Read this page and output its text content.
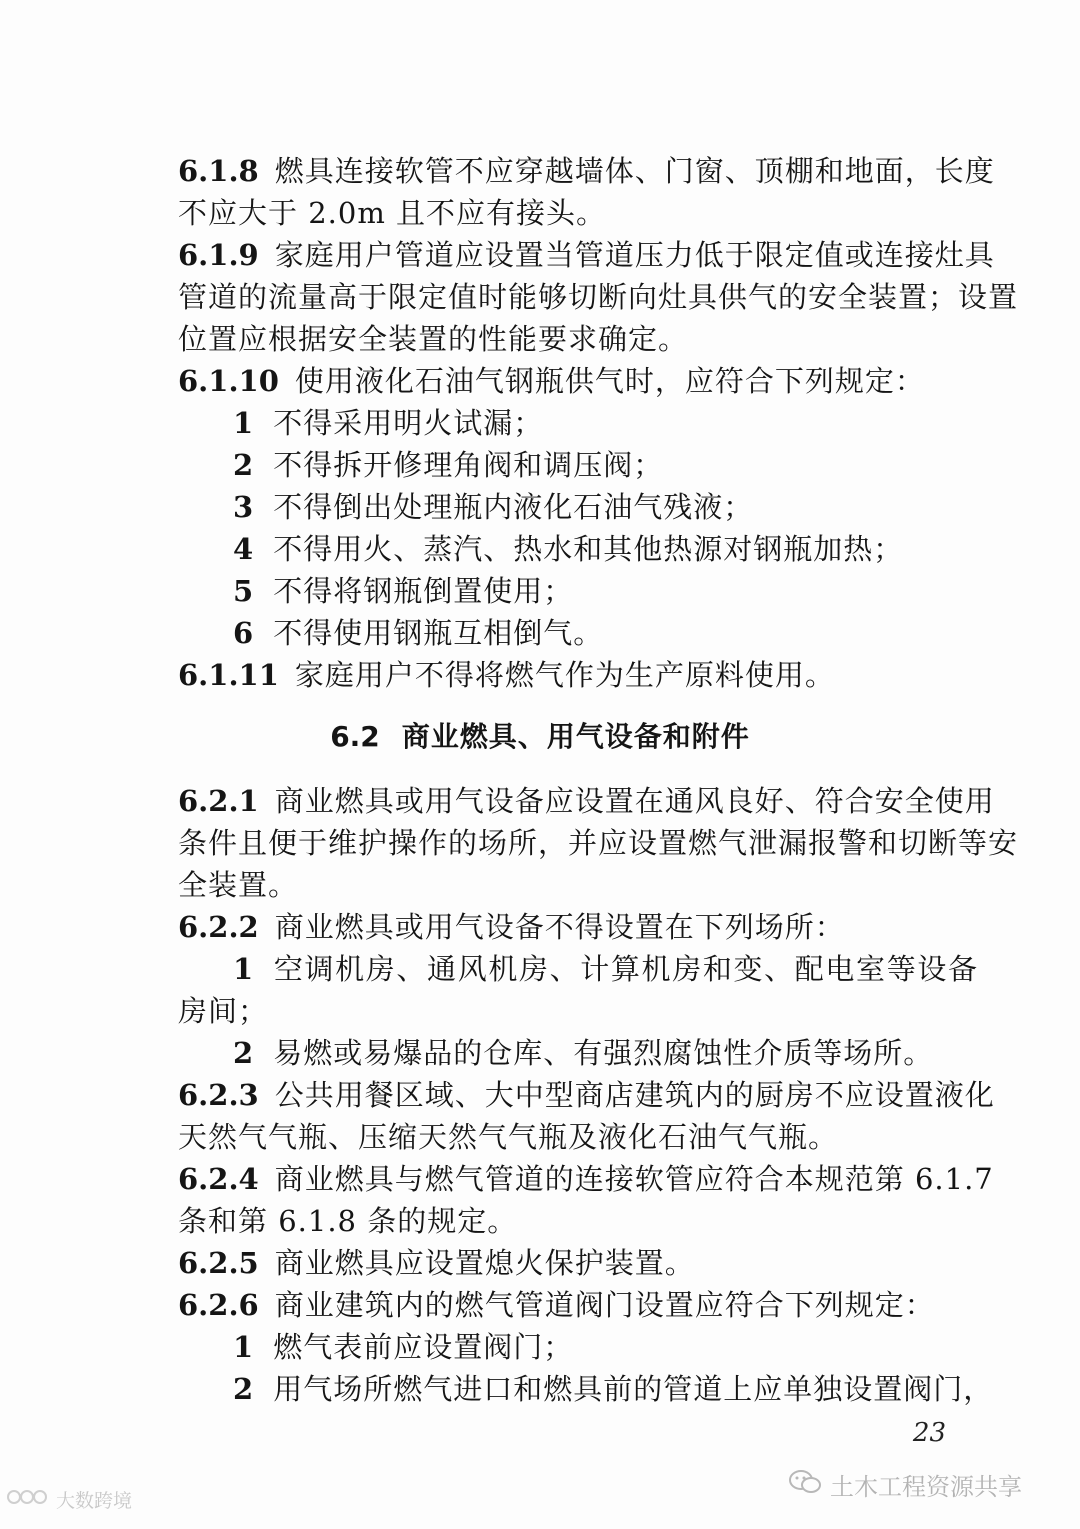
6.1.8 燃具连接软管不应穿越墙体、门窗、顶棚和地面，长度
不应大于 2.0m 且不应有接头。
6.1.9 家庭用户管道应设置当管道压力低于限定值或连接灶具
管道的流量高于限定值时能够切断向灶具供气的安全装置；设置
位置应根据安全装置的性能要求确定。
6.1.10 使用液化石油气钢瓶供气时，应符合下列规定：
1 不得采用明火试漏；
2 不得拆开修理角阀和调压阀；
3 不得倒出处理瓶内液化石油气残液；
4 不得用火、蒸汽、热水和其他热源对钢瓶加热；
5 不得将钢瓶倒置使用；
6 不得使用钢瓶互相倒气。
6.1.11 家庭用户不得将燃气作为生产原料使用。
6.2 商业燃具、用气设备和附件
6.2.1 商业燃具或用气设备应设置在通风良好、符合安全使用
条件且便于维护操作的场所，并应设置燃气泄漏报警和切断等安
全装置。
6.2.2 商业燃具或用气设备不得设置在下列场所：
1 空调机房、通风机房、计算机房和变、配电室等设备
房间；
2 易燃或易爆品的仓库、有强烈腐蚀性介质等场所。
6.2.3 公共用餐区域、大中型商店建筑内的厨房不应设置液化
天然气气瓶、压缩天然气气瓶及液化石油气气瓶。
6.2.4 商业燃具与燃气管道的连接软管应符合本规范第 6.1.7
条和第 6.1.8 条的规定。
6.2.5 商业燃具应设置熄火保护装置。
6.2.6 商业建筑内的燃气管道阀门设置应符合下列规定：
1 燃气表前应设置阀门；
2 用气场所燃气进口和燃具前的管道上应单独设置阀门，
23
大数跨境	土木工程资源共享
